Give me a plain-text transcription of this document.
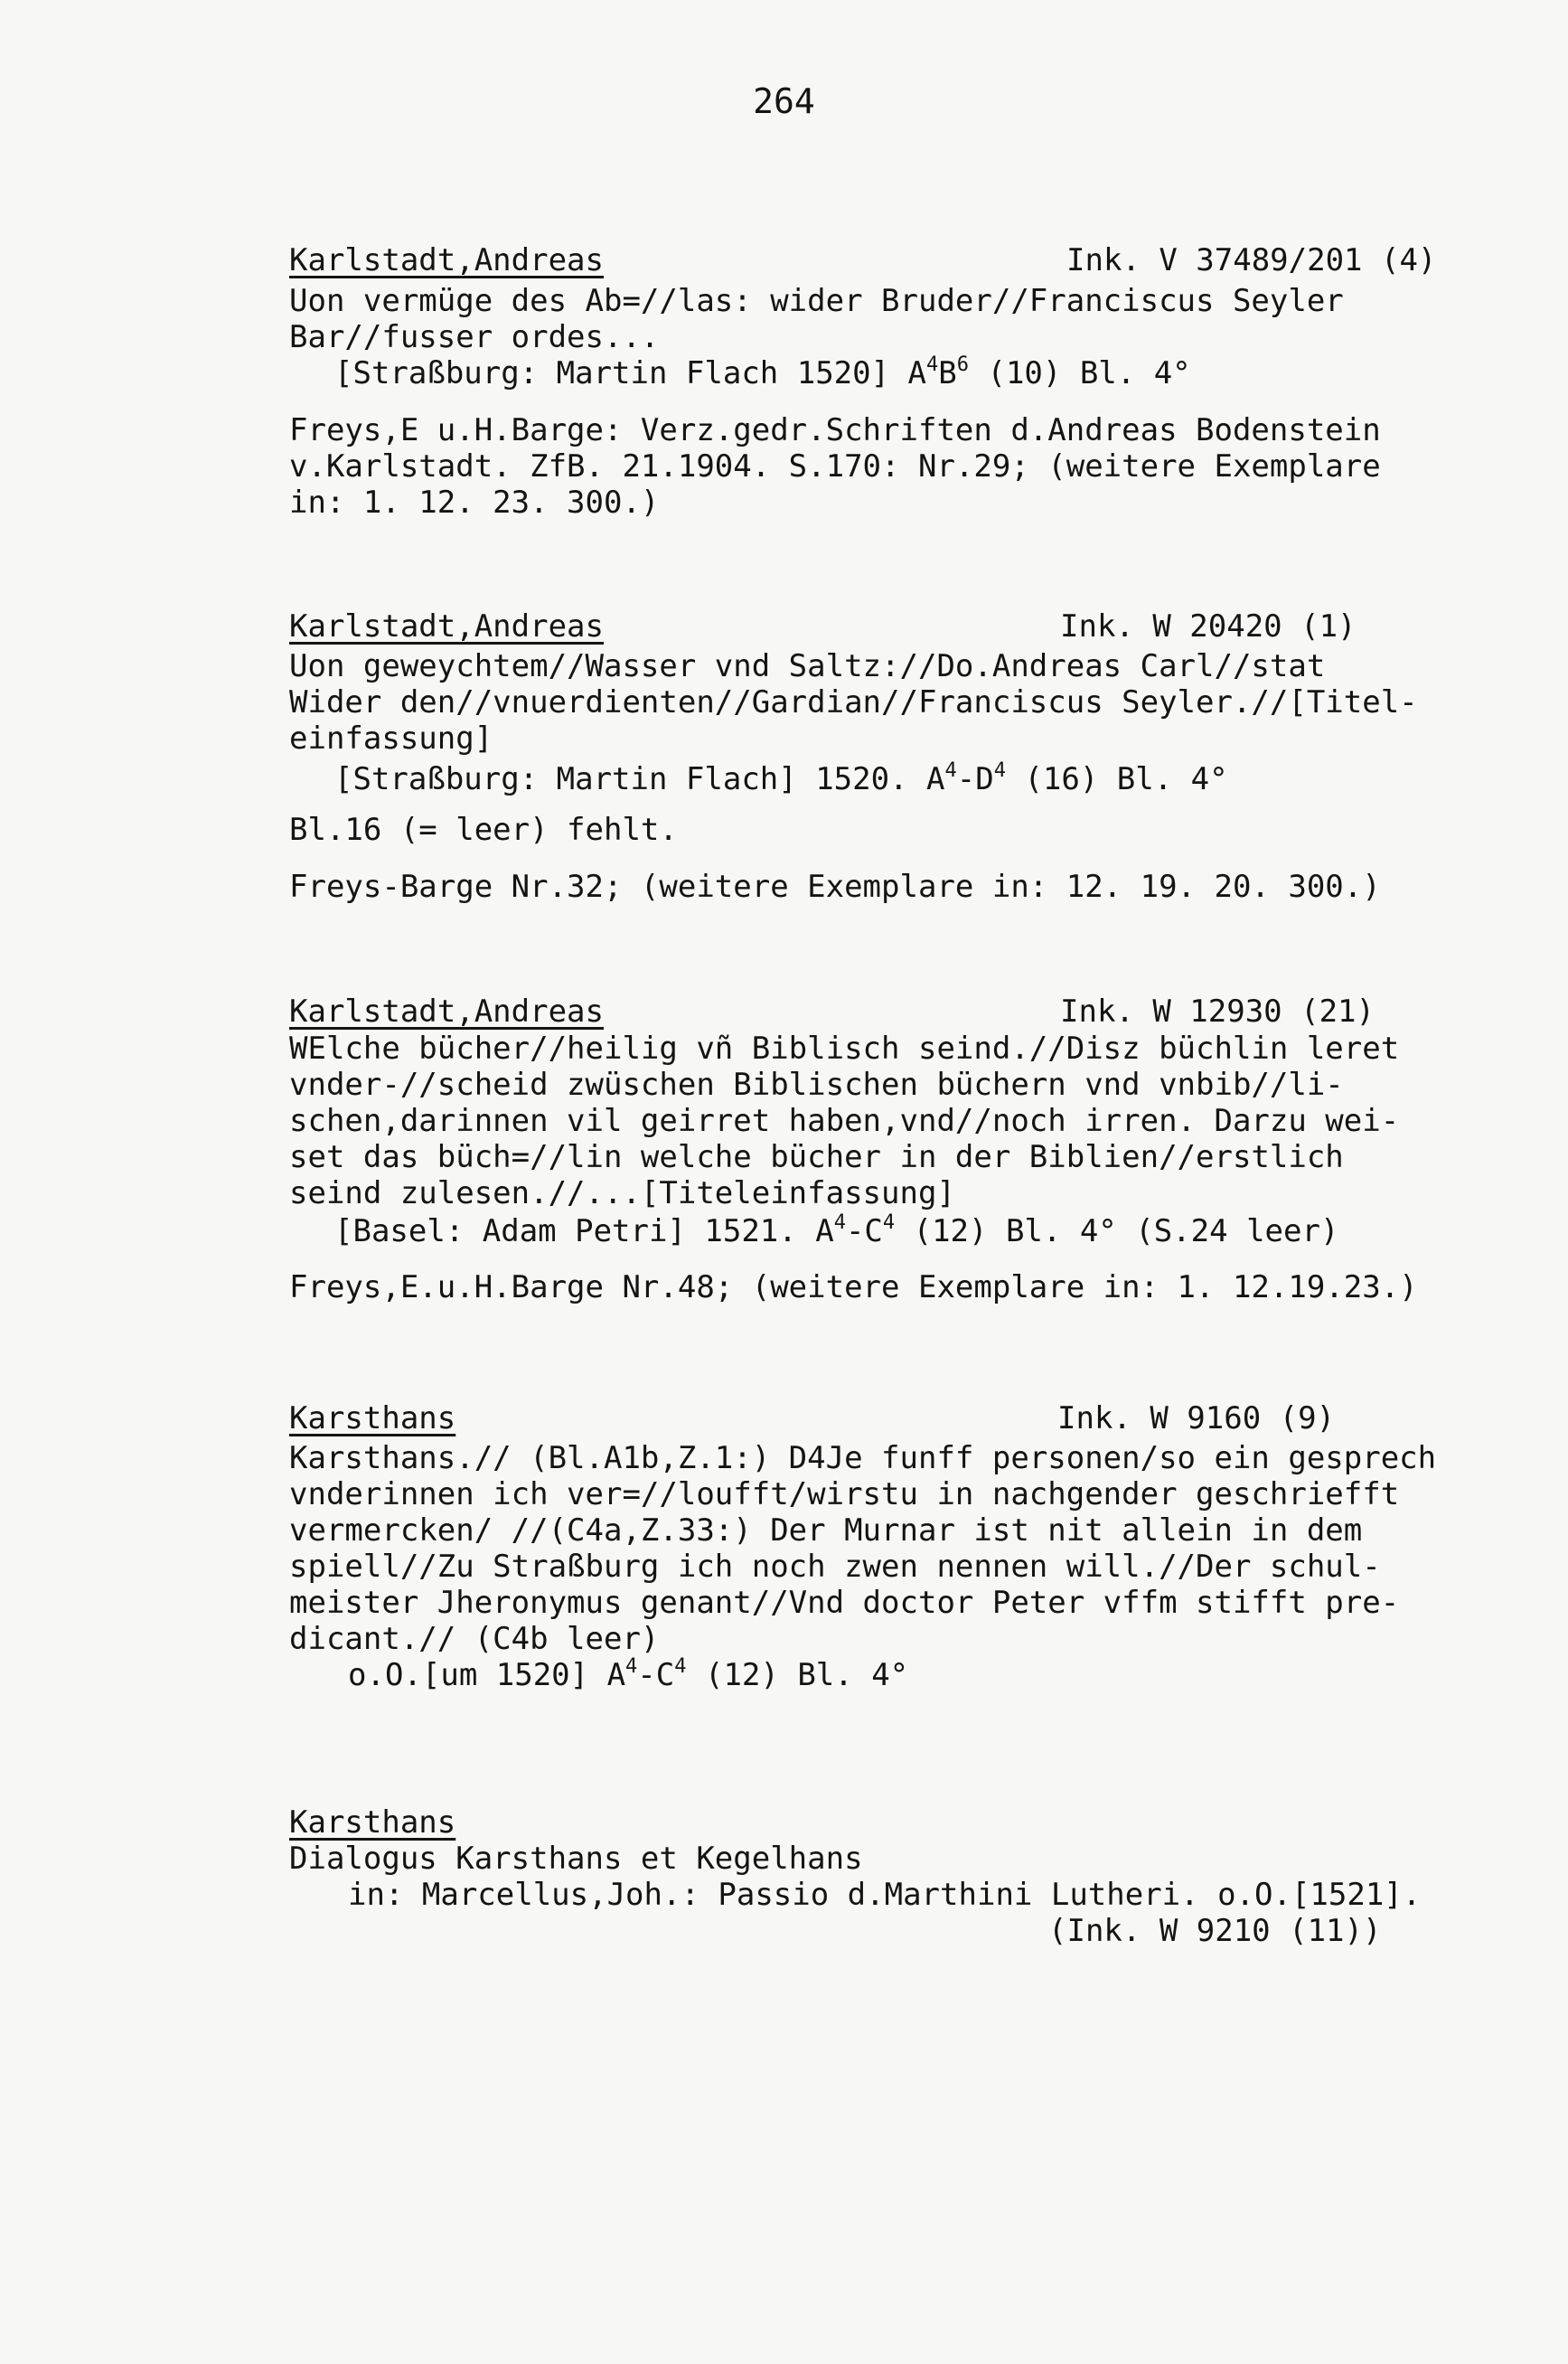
264
Karlstadt,Andreas	Ink. V 37489/201 (4)
Uon vermüge des Ab=//las: wider Bruder//Franciscus Seyler
Bar//fusser ordes...
[Straßburg: Martin Flach 1520] $A^4B^6$ (10) Bl. 4°
Freys,E u.H.Barge: Verz.gedr.Schriften d.Andreas Bodenstein
v.Karlstadt. ZfB. 21.1904. S.170: Nr.29; (weitere Exemplare
in: 1. 12. 23. 300.)
Karlstadt,Andreas	Ink. W 20420 (1)
Uon geweychtem//Wasser vnd Saltz://Do.Andreas Carl//stat
Wider den//vnuerdienten//Gardian//Franciscus Seyler.//[Titel-
einfassung]
[Straßburg: Martin Flach] 1520. $A^4-D^4$ (16) Bl. 4°
Bl.16 (= leer) fehlt.
Freys-Barge Nr.32; (weitere Exemplare in: 12. 19. 20. 300.)
Karlstadt,Andreas	Ink. W 12930 (21)
WElche bücher//heilig vñ Biblisch seind.//Disz büchlin leret
vnder-//scheid zwüschen Biblischen büchern vnd vnbib//li-
schen,darinnen vil geirret haben,vnd//noch irren. Darzu wei-
set das büch=//lin welche bücher in der Biblien//erstlich
seind zulesen.//...[Titeleinfassung]
[Basel: Adam Petri] 1521. $A^4-C^4$ (12) Bl. 4° (S.24 leer)
Freys,E.u.H.Barge Nr.48; (weitere Exemplare in: 1. 12.19.23.)
Karsthans	Ink. W 9160 (9)
Karsthans.// (Bl.A1b,Z.1:) D4Je funff personen/so ein gesprech
vnderinnen ich ver=//loufft/wirstu in nachgender geschriefft
vermercken/ //(C4a,Z.33:) Der Murnar ist nit allein in dem
spiell//Zu Straßburg ich noch zwen nennen will.//Der schul-
meister Jheronymus genant//Vnd doctor Peter vffm stifft pre-
dicant.// (C4b leer)
o.O.[um 1520] $A^4-C^4$ (12) Bl. 4°
Karsthans
Dialogus Karsthans et Kegelhans
in: Marcellus,Joh.: Passio d.Marthini Lutheri. o.O.[1521].
(Ink. W 9210 (11))
